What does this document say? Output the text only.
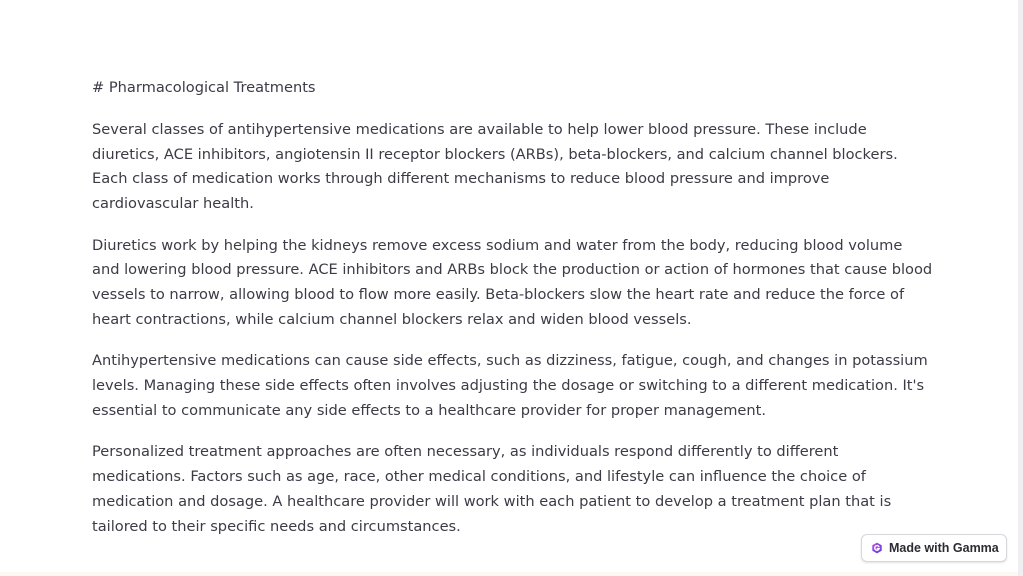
# Pharmacological Treatments

Several classes of antihypertensive medications are available to help lower blood pressure. These include diuretics, ACE inhibitors, angiotensin II receptor blockers (ARBs), beta-blockers, and calcium channel blockers. Each class of medication works through different mechanisms to reduce blood pressure and improve cardiovascular health.

Diuretics work by helping the kidneys remove excess sodium and water from the body, reducing blood volume and lowering blood pressure. ACE inhibitors and ARBs block the production or action of hormones that cause blood vessels to narrow, allowing blood to flow more easily. Beta-blockers slow the heart rate and reduce the force of heart contractions, while calcium channel blockers relax and widen blood vessels.

Antihypertensive medications can cause side effects, such as dizziness, fatigue, cough, and changes in potassium levels. Managing these side effects often involves adjusting the dosage or switching to a different medication. It's essential to communicate any side effects to a healthcare provider for proper management.

Personalized treatment approaches are often necessary, as individuals respond differently to different medications. Factors such as age, race, other medical conditions, and lifestyle can influence the choice of medication and dosage. A healthcare provider will work with each patient to develop a treatment plan that is tailored to their specific needs and circumstances.

Made with Gamma
